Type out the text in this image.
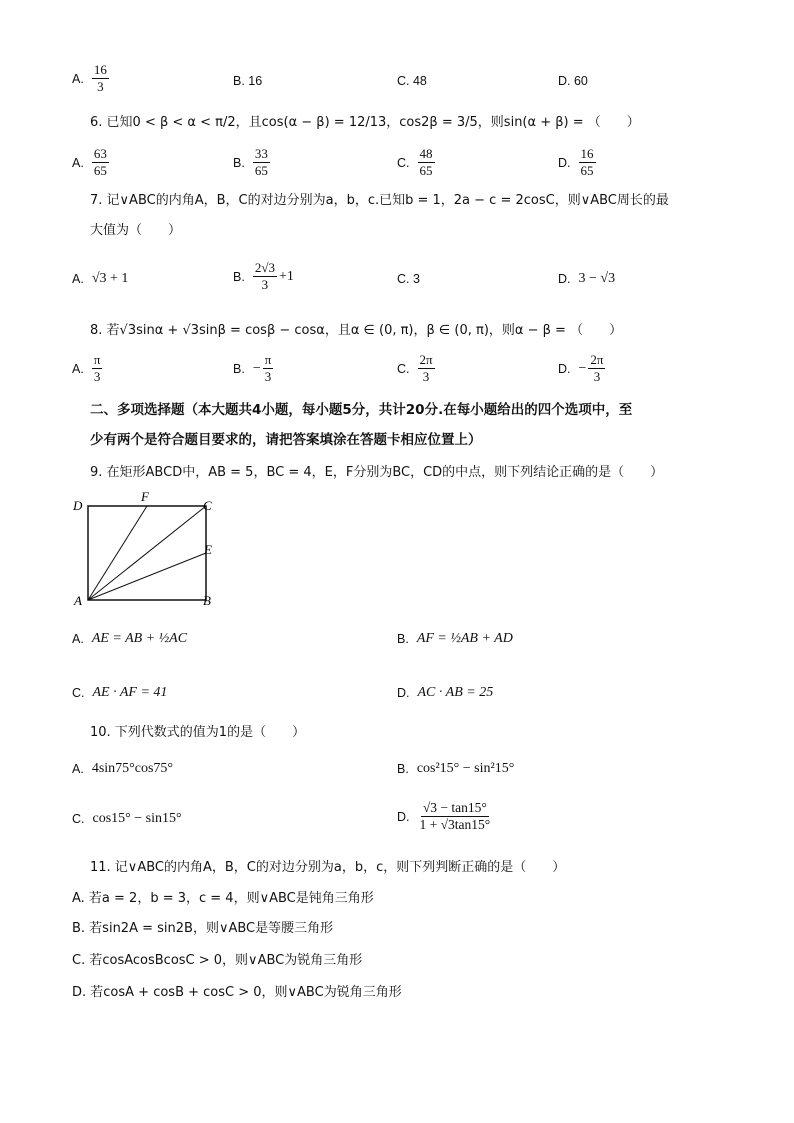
A. $\frac{16}{3}$	B. 16	C. 48	D. 60
6. 已知0 < β < α < π/2，且cos(α − β) = 12/13，cos2β = 3/5，则sin(α + β) = （　　）
A. $\frac{63}{65}$	B. $\frac{33}{65}$	C. $\frac{48}{65}$	D. $\frac{16}{65}$
7. 记∨ABC的内角A，B，C的对边分别为a，b，c.已知b = 1，2a − c = 2cosC，则∨ABC周长的最
大值为（　　）
A. √3 + 1	B. $\frac{2√3}{3} +1$	C. 3	D. 3 − √3
8. 若√3sinα + √3sinβ = cosβ − cosα，且α ∈ (0, π)，β ∈ (0, π)，则α − β = （　　）
A. $\frac{\pi}{3}$	B. − $\frac{\pi}{3}$	C. $\frac{2\pi}{3}$	D. − $\frac{2\pi}{3}$
二、多项选择题（本大题共4小题，每小题5分，共计20分.在每小题给出的四个选项中，至
少有两个是符合题目要求的，请把答案填涂在答题卡相应位置上）
9. 在矩形ABCD中，AB = 5，BC = 4，E，F分别为BC，CD的中点，则下列结论正确的是（　　）
D
F
C
E
A	B
A. AE = AB + ½AC	B. AF = ½AB + AD
C. AE · AF = 41	D. AC · AB = 25
10. 下列代数式的值为1的是（　　）
A. 4sin75°cos75°	B. cos²15° − sin²15°
C. cos15° − sin15°	D. $\frac{√3 - \tan 15^\circ}{1 + √3\tan 15^\circ}$
11. 记∨ABC的内角A，B，C的对边分别为a，b，c，则下列判断正确的是（　　）
A. 若a = 2，b = 3，c = 4，则∨ABC是钝角三角形
B. 若sin2A = sin2B，则∨ABC是等腰三角形
C. 若cosAcosBcosC > 0，则∨ABC为锐角三角形
D. 若cosA + cosB + cosC > 0，则∨ABC为锐角三角形
